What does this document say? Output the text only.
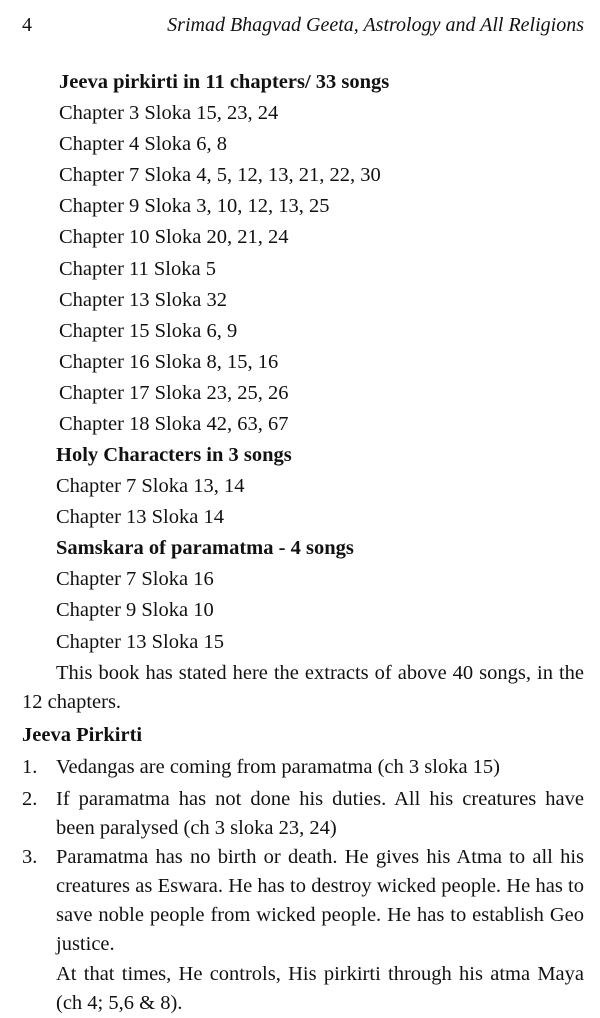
4	Srimad Bhagvad Geeta, Astrology and All Religions
Jeeva pirkirti in 11 chapters/ 33 songs
Chapter 3 Sloka 15, 23, 24
Chapter 4 Sloka 6, 8
Chapter 7 Sloka 4, 5, 12, 13, 21, 22, 30
Chapter 9 Sloka 3, 10, 12, 13, 25
Chapter 10 Sloka 20, 21, 24
Chapter 11 Sloka 5
Chapter 13 Sloka 32
Chapter 15 Sloka 6, 9
Chapter 16 Sloka 8, 15, 16
Chapter 17 Sloka 23, 25, 26
Chapter 18 Sloka 42, 63, 67
Holy Characters in 3 songs
Chapter 7 Sloka 13, 14
Chapter 13 Sloka 14
Samskara of paramatma - 4 songs
Chapter 7 Sloka 16
Chapter 9 Sloka 10
Chapter 13 Sloka 15
This book has stated here the extracts of above 40 songs, in the 12 chapters.
Jeeva Pirkirti
1. Vedangas are coming from paramatma (ch 3 sloka 15)
2. If paramatma has not done his duties. All his creatures have been paralysed (ch 3 sloka 23, 24)
3. Paramatma has no birth or death. He gives his Atma to all his creatures as Eswara. He has to destroy wicked people. He has to save noble people from wicked people. He has to establish Geo justice.
At that times, He controls, His pirkirti through his atma Maya (ch 4; 5,6 & 8).
